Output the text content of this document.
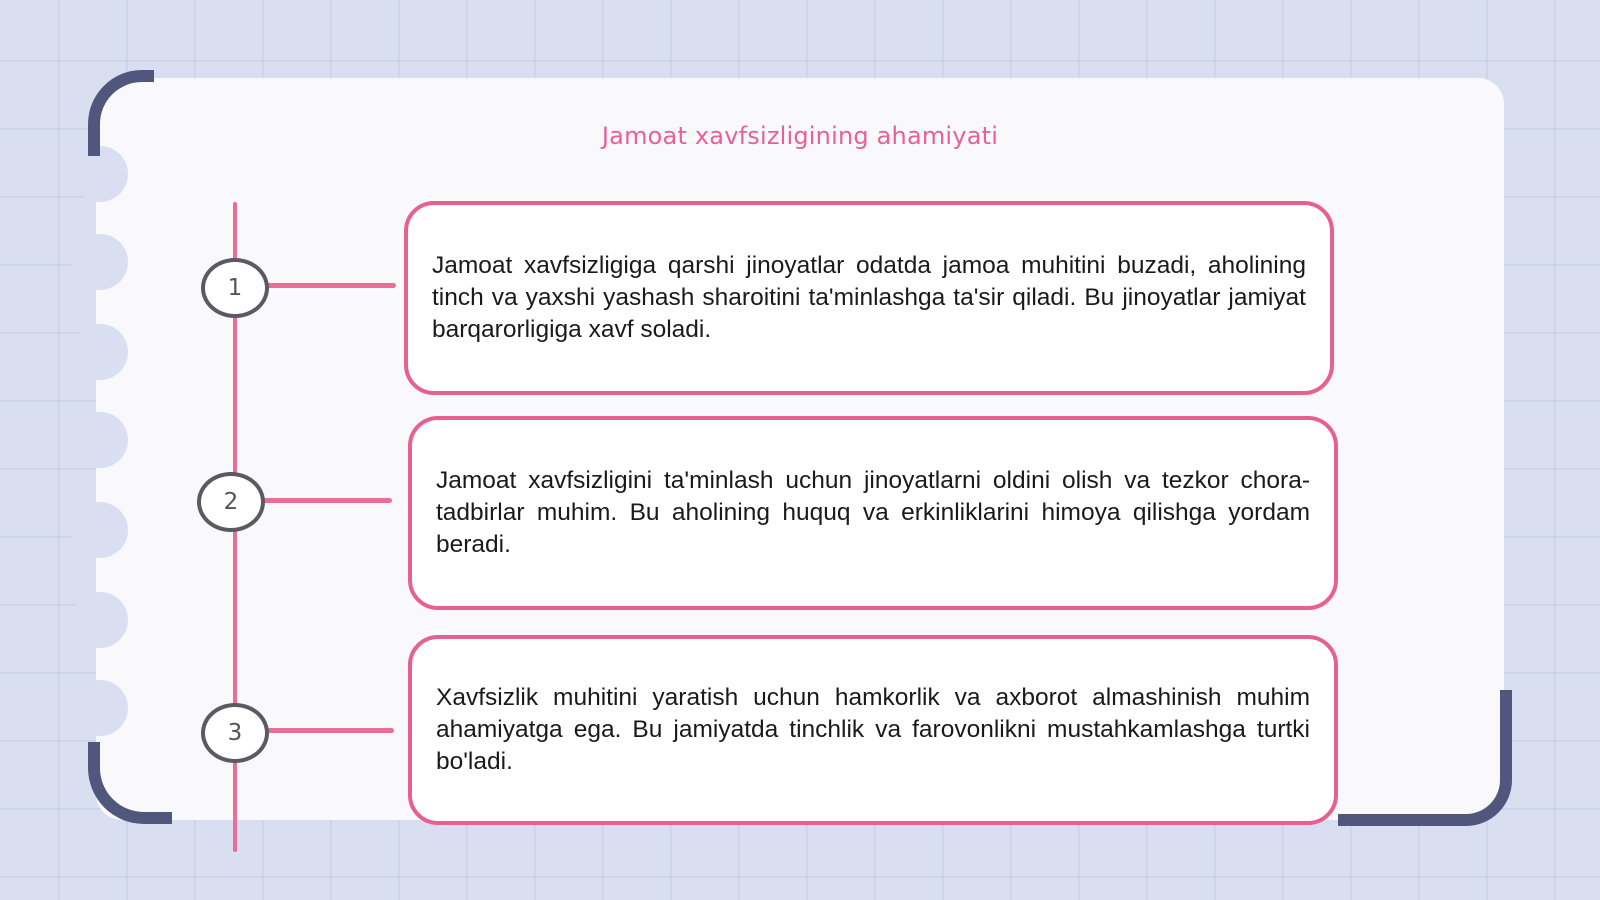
Jamoat xavfsizligining ahamiyati
1
2
3
Jamoat xavfsizligiga qarshi jinoyatlar odatda jamoa muhitini buzadi, aholining tinch va yaxshi yashash sharoitini ta'minlashga ta'sir qiladi. Bu jinoyatlar jamiyat barqarorligiga xavf soladi.
Jamoat xavfsizligini ta'minlash uchun jinoyatlarni oldini olish va tezkor chora-tadbirlar muhim. Bu aholining huquq va erkinliklarini himoya qilishga yordam beradi.
Xavfsizlik muhitini yaratish uchun hamkorlik va axborot almashinish muhim ahamiyatga ega. Bu jamiyatda tinchlik va farovonlikni mustahkamlashga turtki bo'ladi.
